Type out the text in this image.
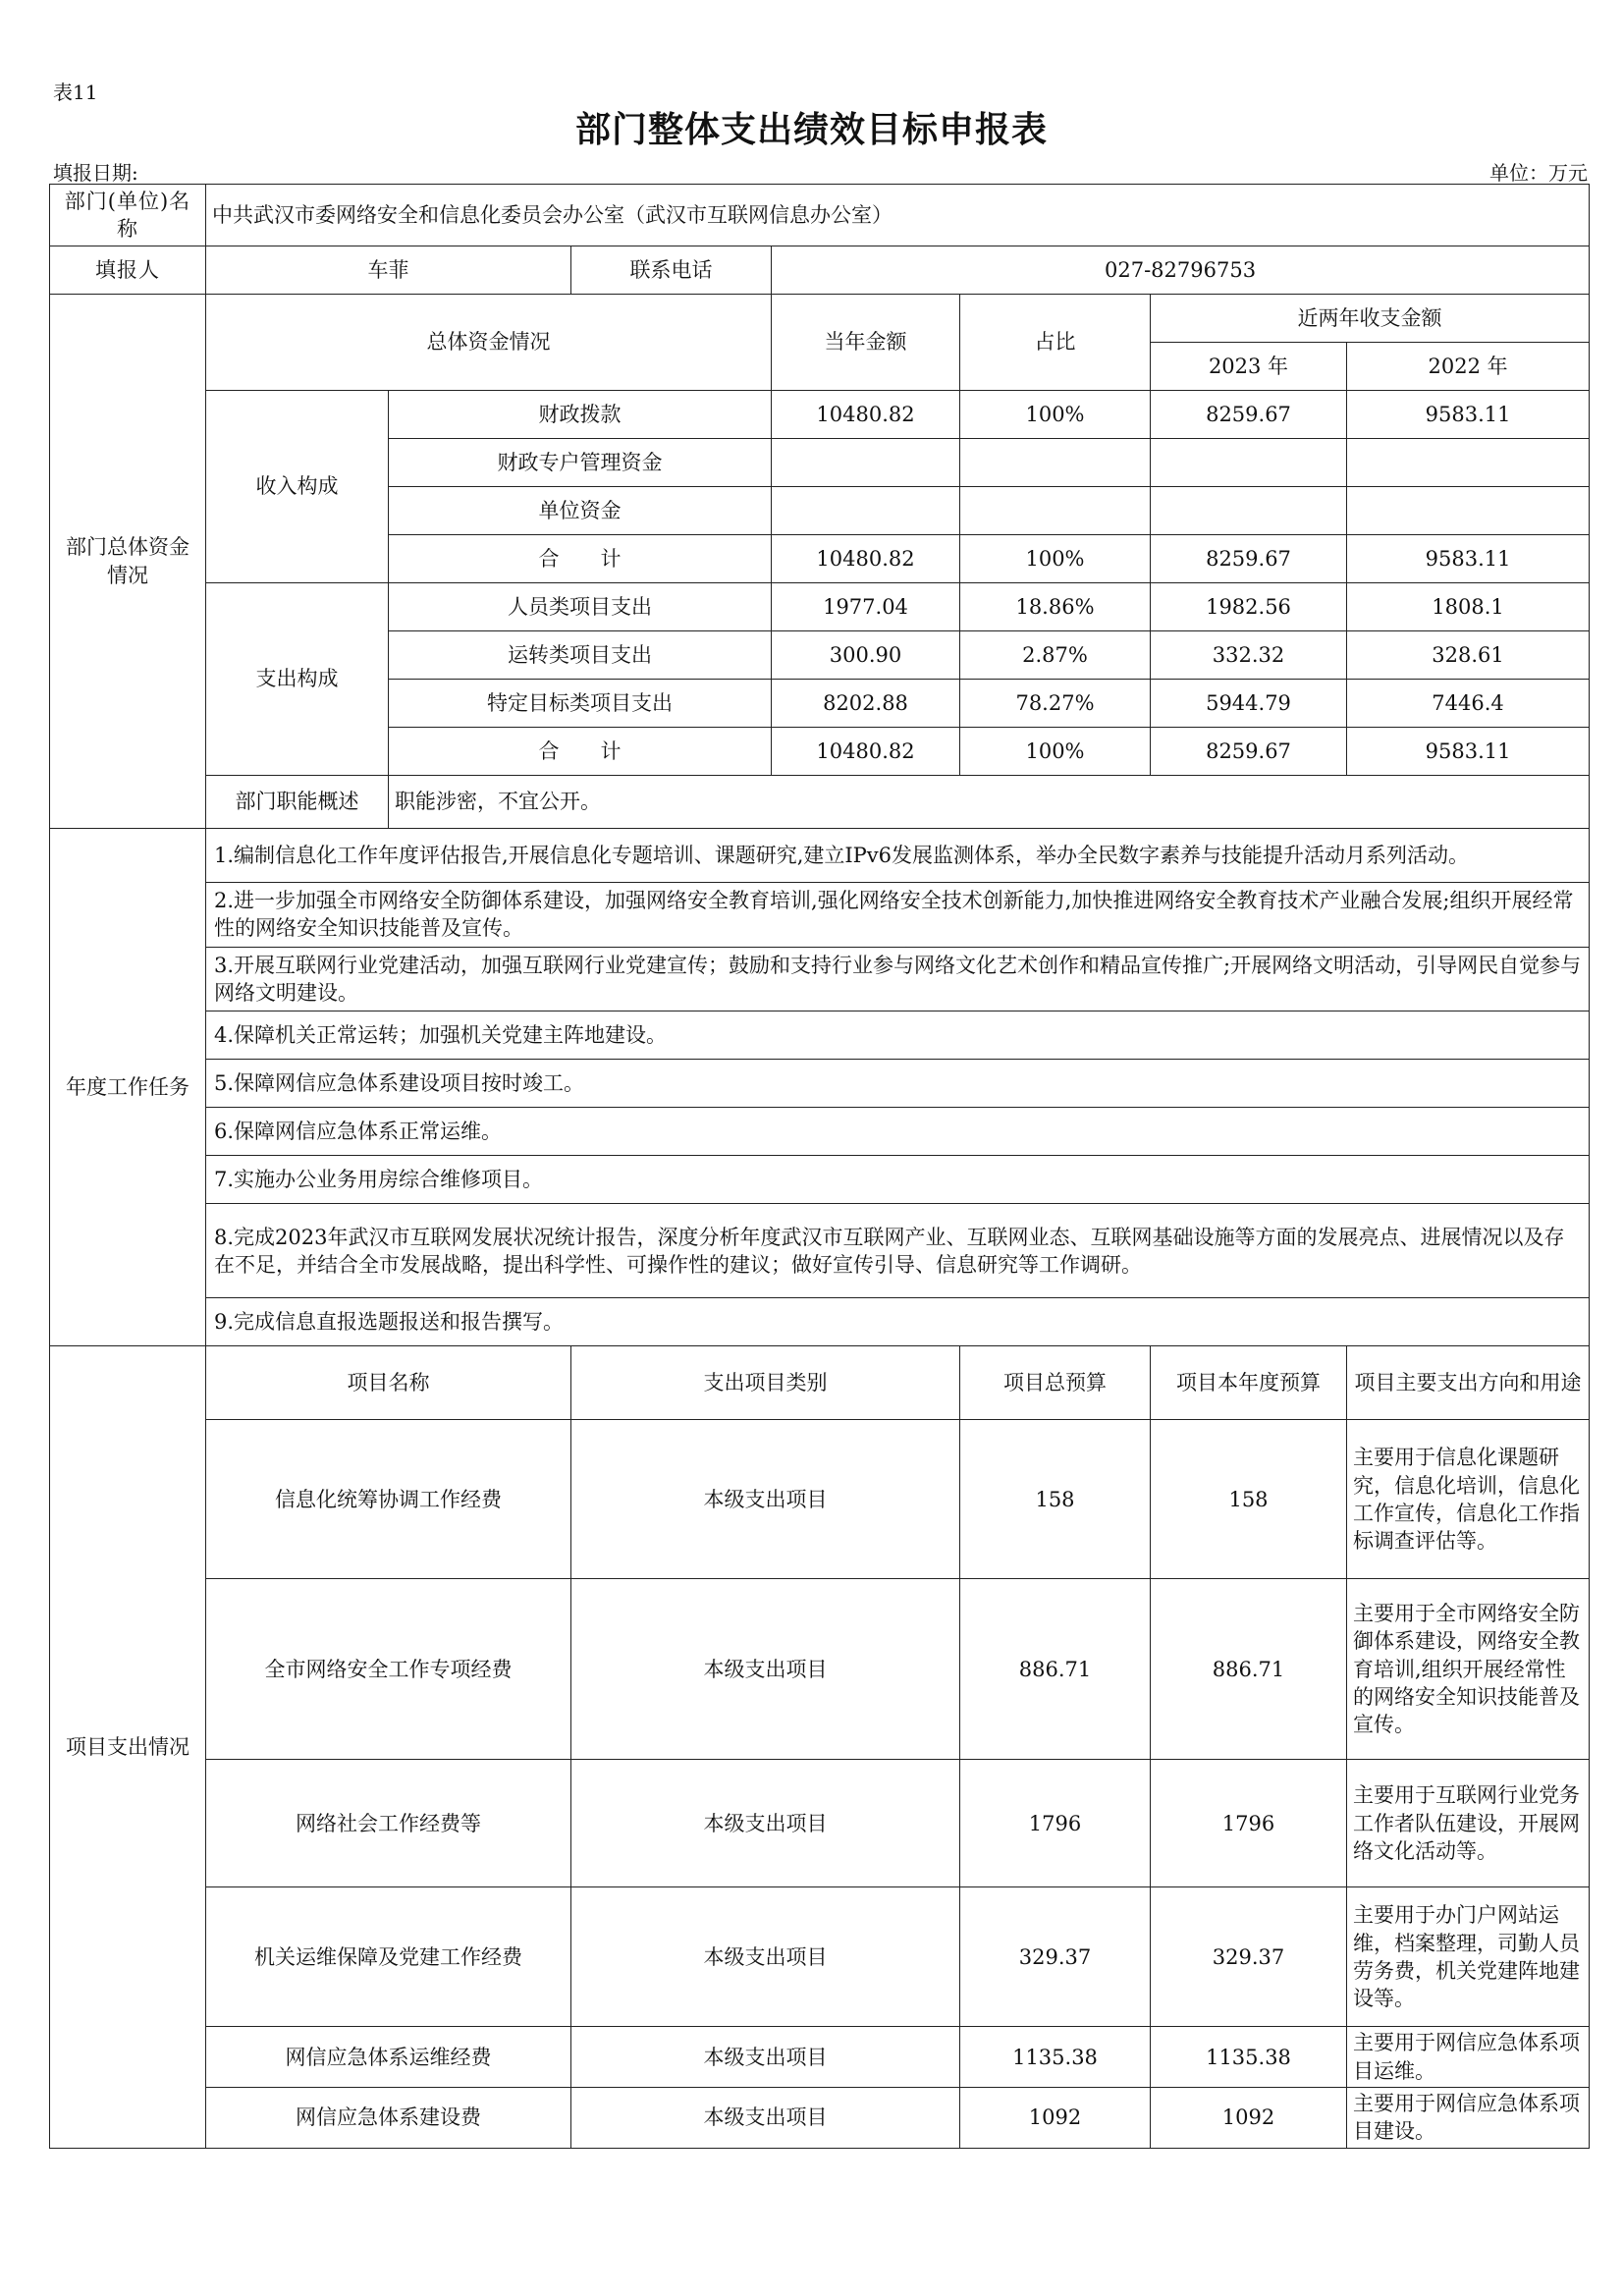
表11
部门整体支出绩效目标申报表
填报日期:	单位：万元
部门(单位)名称	中共武汉市委网络安全和信息化委员会办公室（武汉市互联网信息办公室）						
填报人	车菲		联系电话	027-82796753			
部门总体资金情况	总体资金情况			当年金额	占比	近两年收支金额	
						2023 年	2022 年
	收入构成	财政拨款		10480.82	100%	8259.67	9583.11
		财政专户管理资金					
		单位资金					
		合　　计		10480.82	100%	8259.67	9583.11
	支出构成	人员类项目支出		1977.04	18.86%	1982.56	1808.1
		运转类项目支出		300.90	2.87%	332.32	328.61
		特定目标类项目支出		8202.88	78.27%	5944.79	7446.4
		合　　计		10480.82	100%	8259.67	9583.11
	部门职能概述	职能涉密，不宜公开。					
年度工作任务	1.编制信息化工作年度评估报告,开展信息化专题培训、课题研究,建立IPv6发展监测体系，举办全民数字素养与技能提升活动月系列活动。						
	2.进一步加强全市网络安全防御体系建设，加强网络安全教育培训,强化网络安全技术创新能力,加快推进网络安全教育技术产业融合发展;组织开展经常性的网络安全知识技能普及宣传。						
	3.开展互联网行业党建活动，加强互联网行业党建宣传；鼓励和支持行业参与网络文化艺术创作和精品宣传推广;开展网络文明活动，引导网民自觉参与网络文明建设。						
	4.保障机关正常运转；加强机关党建主阵地建设。						
	5.保障网信应急体系建设项目按时竣工。						
	6.保障网信应急体系正常运维。						
	7.实施办公业务用房综合维修项目。						
	8.完成2023年武汉市互联网发展状况统计报告，深度分析年度武汉市互联网产业、互联网业态、互联网基础设施等方面的发展亮点、进展情况以及存在不足，并结合全市发展战略，提出科学性、可操作性的建议；做好宣传引导、信息研究等工作调研。						
	9.完成信息直报选题报送和报告撰写。						
项目支出情况	项目名称		支出项目类别		项目总预算	项目本年度预算	项目主要支出方向和用途
	信息化统筹协调工作经费		本级支出项目		158	158	主要用于信息化课题研究，信息化培训，信息化工作宣传，信息化工作指标调查评估等。
	全市网络安全工作专项经费		本级支出项目		886.71	886.71	主要用于全市网络安全防御体系建设，网络安全教育培训,组织开展经常性的网络安全知识技能普及宣传。
	网络社会工作经费等		本级支出项目		1796	1796	主要用于互联网行业党务工作者队伍建设，开展网络文化活动等。
	机关运维保障及党建工作经费		本级支出项目		329.37	329.37	主要用于办门户网站运维，档案整理，司勤人员劳务费，机关党建阵地建设等。
	网信应急体系运维经费		本级支出项目		1135.38	1135.38	主要用于网信应急体系项目运维。
	网信应急体系建设费		本级支出项目		1092	1092	主要用于网信应急体系项目建设。
